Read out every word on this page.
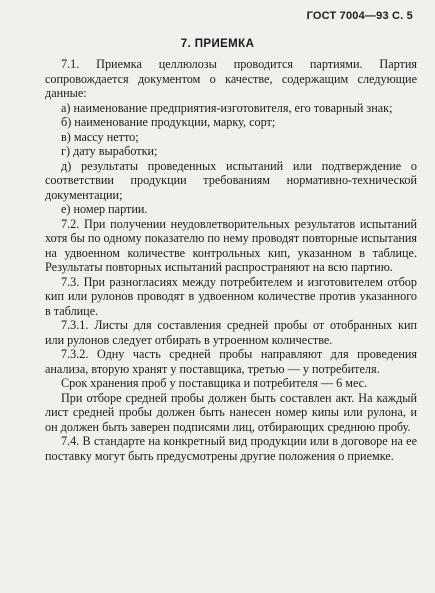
ГОСТ 7004—93 С. 5
7. ПРИЕМКА

7.1. Приемка целлюлозы проводится партиями. Партия сопровождается документом о качестве, содержащим следующие данные:

а) наименование предприятия-изготовителя, его товарный знак;

б) наименование продукции, марку, сорт;

в) массу нетто;

г) дату выработки;

д) результаты проведенных испытаний или подтверждение о соответствии продукции требованиям нормативно-технической документации;

е) номер партии.

7.2. При получении неудовлетворительных результатов испытаний хотя бы по одному показателю по нему проводят повторные испытания на удвоенном количестве контрольных кип, указанном в таблице. Результаты повторных испытаний распространяют на всю партию.

7.3. При разногласиях между потребителем и изготовителем отбор кип или рулонов проводят в удвоенном количестве против указанного в таблице.

7.3.1. Листы для составления средней пробы от отобранных кип или рулонов следует отбирать в утроенном количестве.

7.3.2. Одну часть средней пробы направляют для проведения анализа, вторую хранят у поставщика, третью — у потребителя.

Срок хранения проб у поставщика и потребителя — 6 мес.

При отборе средней пробы должен быть составлен акт. На каждый лист средней пробы должен быть нанесен номер кипы или рулона, и он должен быть заверен подписями лиц, отбирающих среднюю пробу.

7.4. В стандарте на конкретный вид продукции или в договоре на ее поставку могут быть предусмотрены другие положения о приемке.
